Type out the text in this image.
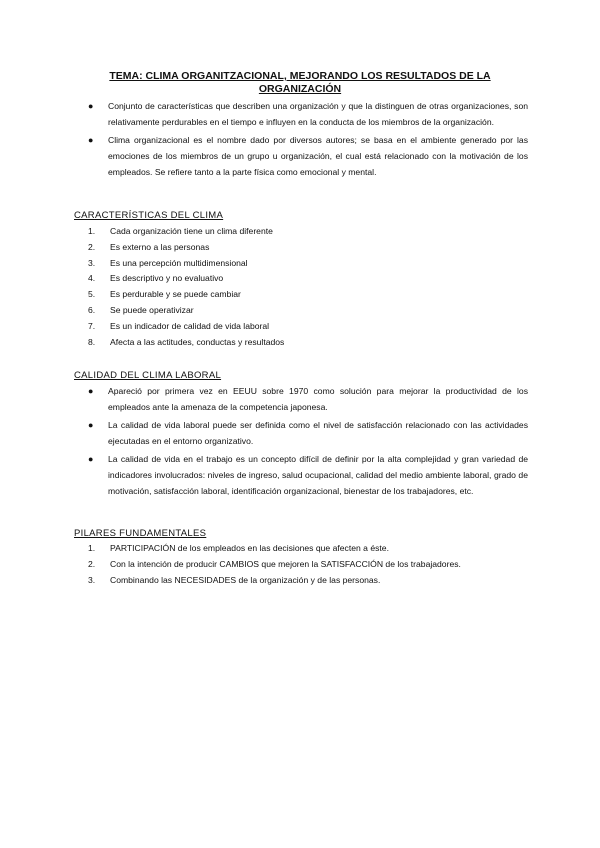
TEMA: CLIMA ORGANITZACIONAL, MEJORANDO LOS RESULTADOS DE LA ORGANIZACIÓN
●	Conjunto de características que describen una organización y que la distinguen de otras organizaciones, son relativamente perdurables en el tiempo e influyen en la conducta de los miembros de la organización.
●	Clima organizacional es el nombre dado por diversos autores; se basa en el ambiente generado por las emociones de los miembros de un grupo u organización, el cual está relacionado con la motivación de los empleados. Se refiere tanto a la parte física como emocional y mental.
CARACTERÍSTICAS DEL CLIMA
1.	Cada organización tiene un clima diferente
2.	Es externo a las personas
3.	Es una percepción multidimensional
4.	Es descriptivo y no evaluativo
5.	Es perdurable y se puede cambiar
6.	Se puede operativizar
7.	Es un indicador de calidad de vida laboral
8.	Afecta a las actitudes, conductas y resultados
CALIDAD DEL CLIMA LABORAL
●	Apareció por primera vez en EEUU sobre 1970 como solución para mejorar la productividad de los empleados ante la amenaza de la competencia japonesa.
●	La calidad de vida laboral puede ser definida como el nivel de satisfacción relacionado con las actividades ejecutadas en el entorno organizativo.
●	La calidad de vida en el trabajo es un concepto difícil de definir por la alta complejidad y gran variedad de indicadores involucrados: niveles de ingreso, salud ocupacional, calidad del medio ambiente laboral, grado de motivación, satisfacción laboral, identificación organizacional, bienestar de los trabajadores, etc.
PILARES FUNDAMENTALES
1.	PARTICIPACIÓN de los empleados en las decisiones que afecten a éste.
2.	Con la intención de producir CAMBIOS que mejoren la SATISFACCIÓN de los trabajadores.
3.	Combinando las NECESIDADES de la organización y de las personas.
